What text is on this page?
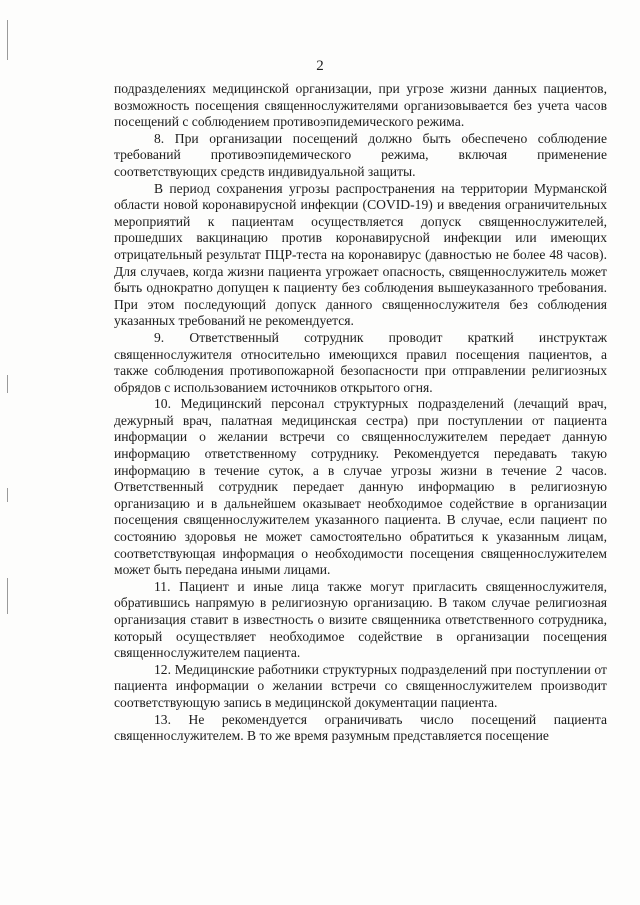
2

подразделениях медицинской организации, при угрозе жизни данных пациентов, возможность посещения священнослужителями организовывается без учета часов посещений с соблюдением противоэпидемического режима.

8. При организации посещений должно быть обеспечено соблюдение требований противоэпидемического режима, включая применение соответствующих средств индивидуальной защиты.

В период сохранения угрозы распространения на территории Мурманской области новой коронавирусной инфекции (COVID-19) и введения ограничительных мероприятий к пациентам осуществляется допуск священнослужителей, прошедших вакцинацию против коронавирусной инфекции или имеющих отрицательный результат ПЦР-теста на коронавирус (давностью не более 48 часов). Для случаев, когда жизни пациента угрожает опасность, священнослужитель может быть однократно допущен к пациенту без соблюдения вышеуказанного требования. При этом последующий допуск данного священнослужителя без соблюдения указанных требований не рекомендуется.

9. Ответственный сотрудник проводит краткий инструктаж священнослужителя относительно имеющихся правил посещения пациентов, а также соблюдения противопожарной безопасности при отправлении религиозных обрядов с использованием источников открытого огня.

10. Медицинский персонал структурных подразделений (лечащий врач, дежурный врач, палатная медицинская сестра) при поступлении от пациента информации о желании встречи со священнослужителем передает данную информацию ответственному сотруднику. Рекомендуется передавать такую информацию в течение суток, а в случае угрозы жизни в течение 2 часов. Ответственный сотрудник передает данную информацию в религиозную организацию и в дальнейшем оказывает необходимое содействие в организации посещения священнослужителем указанного пациента. В случае, если пациент по состоянию здоровья не может самостоятельно обратиться к указанным лицам, соответствующая информация о необходимости посещения священнослужителем может быть передана иными лицами.

11. Пациент и иные лица также могут пригласить священнослужителя, обратившись напрямую в религиозную организацию. В таком случае религиозная организация ставит в известность о визите священника ответственного сотрудника, который осуществляет необходимое содействие в организации посещения священнослужителем пациента.

12. Медицинские работники структурных подразделений при поступлении от пациента информации о желании встречи со священнослужителем производит соответствующую запись в медицинской документации пациента.

13. Не рекомендуется ограничивать число посещений пациента священнослужителем. В то же время разумным представляется посещение
